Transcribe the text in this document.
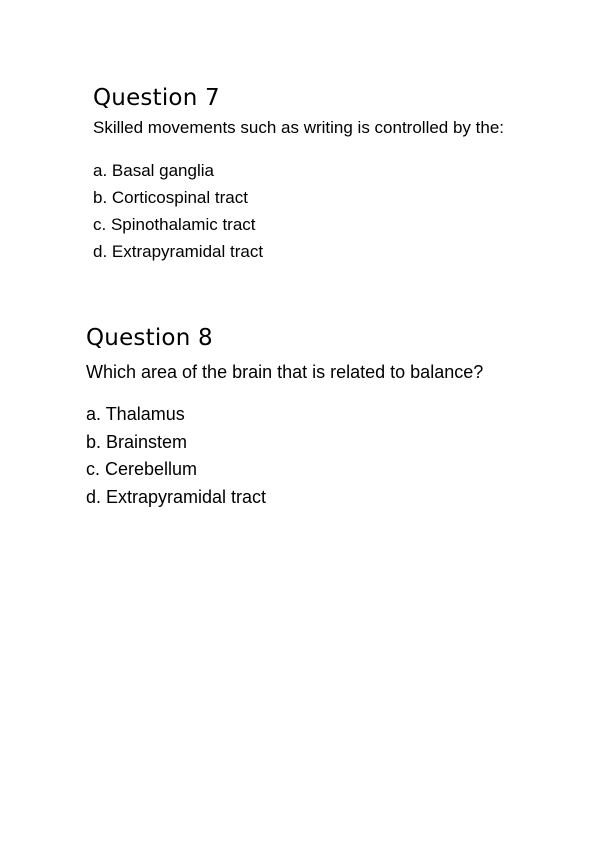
Question 7

Skilled movements such as writing is controlled by the:

a. Basal ganglia
b. Corticospinal tract
c. Spinothalamic tract
d. Extrapyramidal tract
Question 8

Which area of the brain that is related to balance?

a. Thalamus
b. Brainstem
c. Cerebellum
d. Extrapyramidal tract
